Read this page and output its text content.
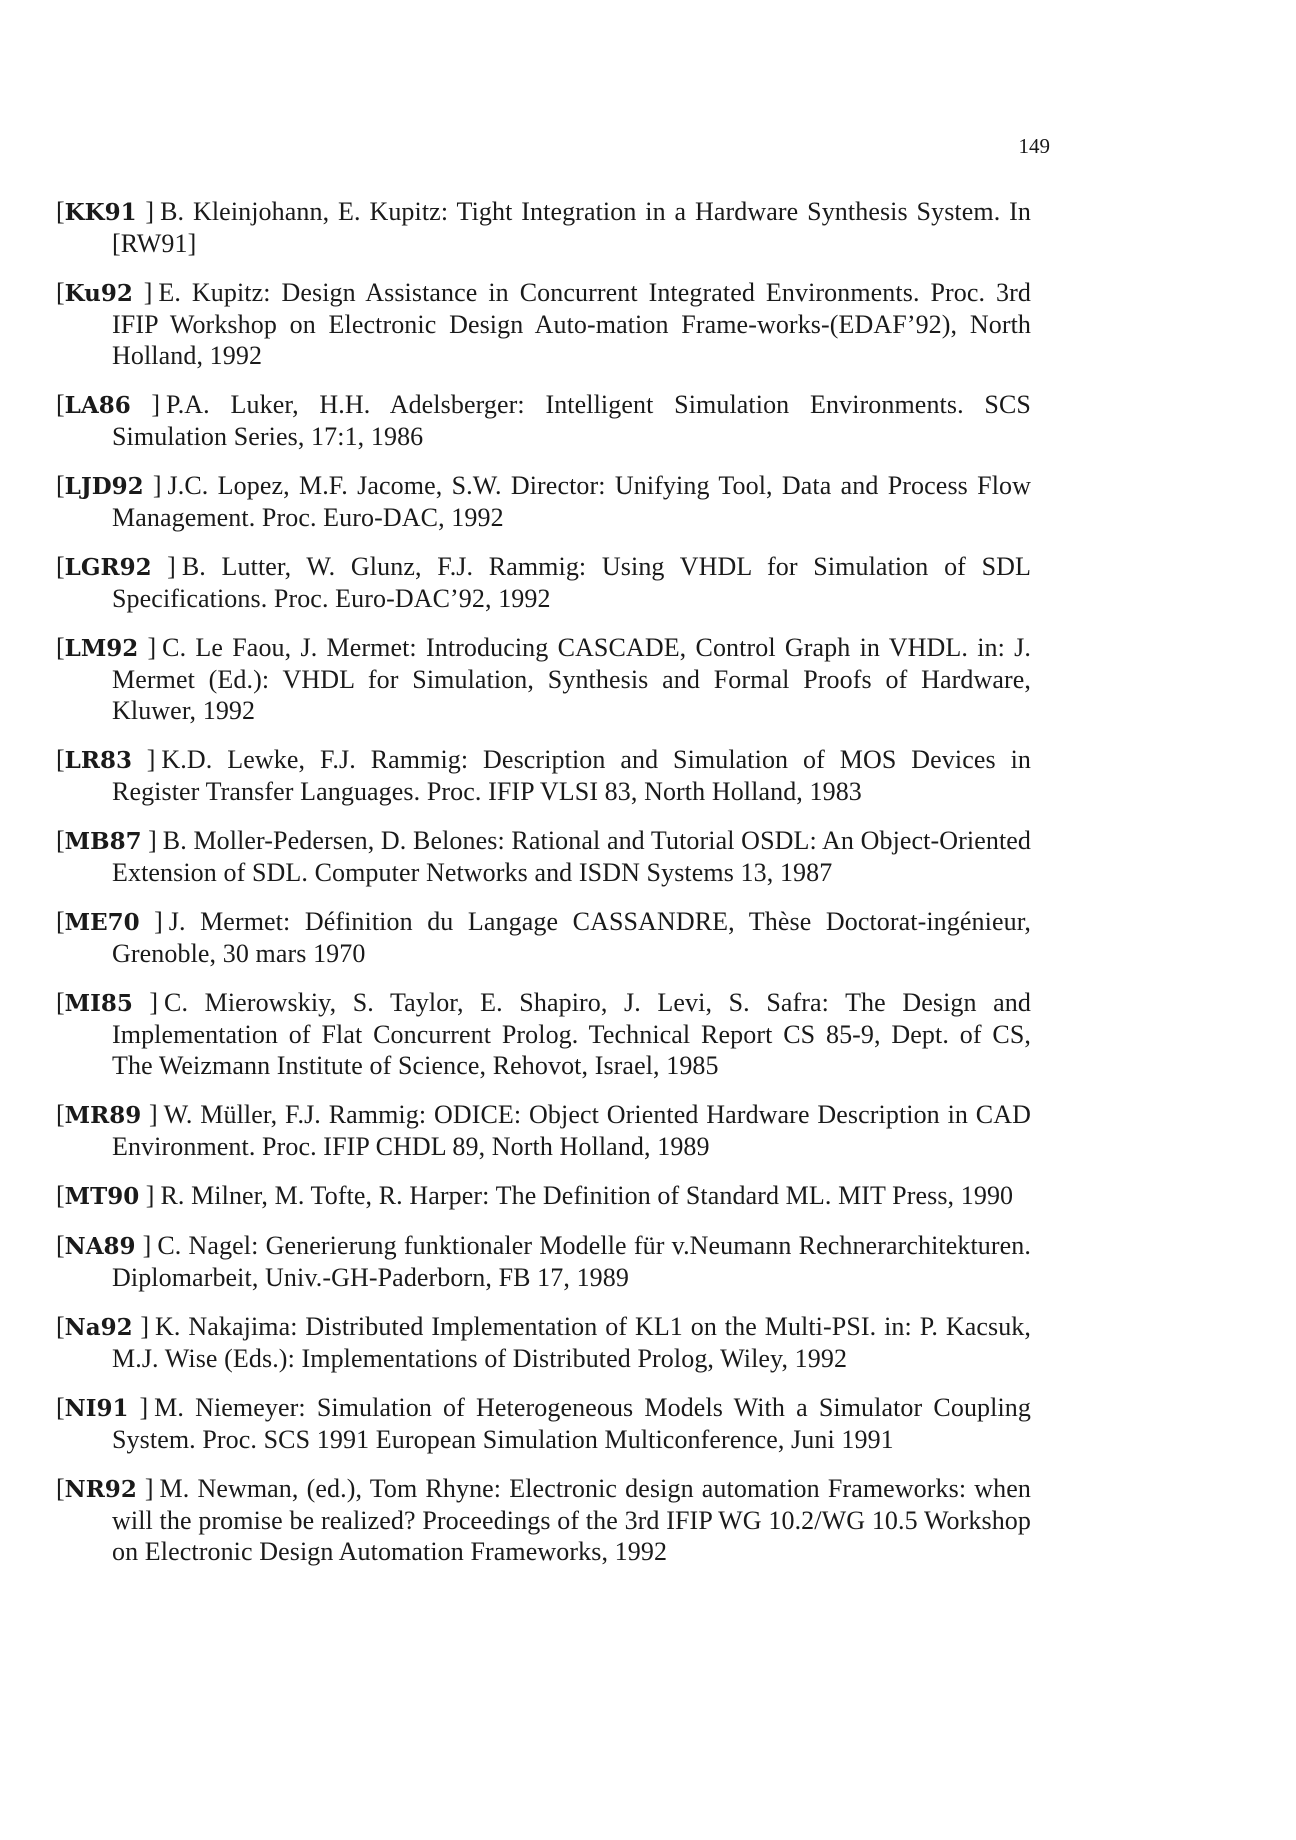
149
[KK91 ] B. Kleinjohann, E. Kupitz: Tight Integration in a Hardware Synthesis System. In [RW91]
[Ku92 ] E. Kupitz: Design Assistance in Concurrent Integrated Environments. Proc. 3rd IFIP Workshop on Electronic Design Auto-mation Frame-works-(EDAF’92), North Holland, 1992
[LA86 ] P.A. Luker, H.H. Adelsberger: Intelligent Simulation Environments. SCS Simulation Series, 17:1, 1986
[LJD92 ] J.C. Lopez, M.F. Jacome, S.W. Director: Unifying Tool, Data and Process Flow Management. Proc. Euro-DAC, 1992
[LGR92 ] B. Lutter, W. Glunz, F.J. Rammig: Using VHDL for Simulation of SDL Specifications. Proc. Euro-DAC’92, 1992
[LM92 ] C. Le Faou, J. Mermet: Introducing CASCADE, Control Graph in VHDL. in: J. Mermet (Ed.): VHDL for Simulation, Synthesis and Formal Proofs of Hardware, Kluwer, 1992
[LR83 ] K.D. Lewke, F.J. Rammig: Description and Simulation of MOS Devices in Register Transfer Languages. Proc. IFIP VLSI 83, North Holland, 1983
[MB87 ] B. Moller-Pedersen, D. Belones: Rational and Tutorial OSDL: An Object-Oriented Extension of SDL. Computer Networks and ISDN Systems 13, 1987
[ME70 ] J. Mermet: Définition du Langage CASSANDRE, Thèse Doctorat-ingénieur, Grenoble, 30 mars 1970
[MI85 ] C. Mierowskiy, S. Taylor, E. Shapiro, J. Levi, S. Safra: The Design and Implementation of Flat Concurrent Prolog. Technical Report CS 85-9, Dept. of CS, The Weizmann Institute of Science, Rehovot, Israel, 1985
[MR89 ] W. Müller, F.J. Rammig: ODICE: Object Oriented Hardware Description in CAD Environment. Proc. IFIP CHDL 89, North Holland, 1989
[MT90 ] R. Milner, M. Tofte, R. Harper: The Definition of Standard ML. MIT Press, 1990
[NA89 ] C. Nagel: Generierung funktionaler Modelle für v.Neumann Rechnerarchitekturen. Diplomarbeit, Univ.-GH-Paderborn, FB 17, 1989
[Na92 ] K. Nakajima: Distributed Implementation of KL1 on the Multi-PSI. in: P. Kacsuk, M.J. Wise (Eds.): Implementations of Distributed Prolog, Wiley, 1992
[NI91 ] M. Niemeyer: Simulation of Heterogeneous Models With a Simulator Coupling System. Proc. SCS 1991 European Simulation Multiconference, Juni 1991
[NR92 ] M. Newman, (ed.), Tom Rhyne: Electronic design automation Frameworks: when will the promise be realized? Proceedings of the 3rd IFIP WG 10.2/WG 10.5 Workshop on Electronic Design Automation Frameworks, 1992
